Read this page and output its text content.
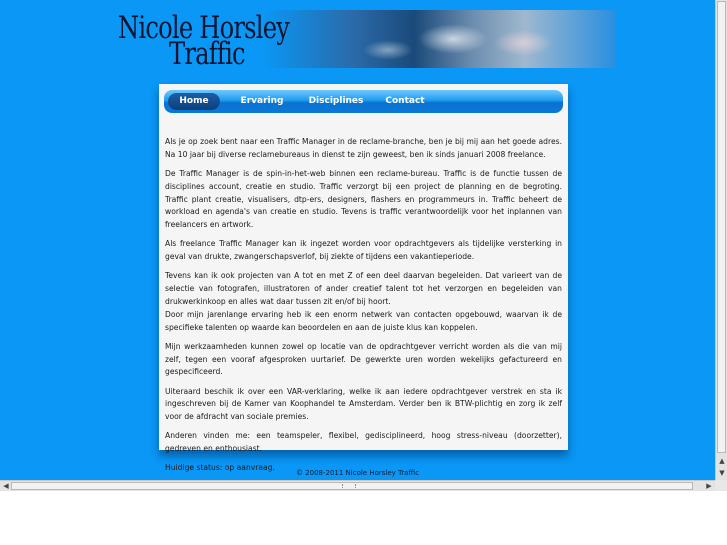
Nicole Horsley
Traffic
Home	Ervaring	Disciplines	Contact

Als je op zoek bent naar een Traffic Manager in de reclame-branche, ben je bij mij aan het goede adres. Na 10 jaar bij diverse reclamebureaus in dienst te zijn geweest, ben ik sinds januari 2008 freelance.

De Traffic Manager is de spin-in-het-web binnen een reclame-bureau. Traffic is de functie tussen de disciplines account, creatie en studio. Traffic verzorgt bij een project de planning en de begroting. Traffic plant creatie, visualisers, dtp-ers, designers, flashers en programmeurs in. Traffic beheert de workload en agenda's van creatie en studio. Tevens is traffic verantwoordelijk voor het inplannen van freelancers en artwork.

Als freelance Traffic Manager kan ik ingezet worden voor opdrachtgevers als tijdelijke versterking in geval van drukte, zwangerschapsverlof, bij ziekte of tijdens een vakantieperiode.

Tevens kan ik ook projecten van A tot en met Z of een deel daarvan begeleiden. Dat varieert van de selectie van fotografen, illustratoren of ander creatief talent tot het verzorgen en begeleiden van drukwerkinkoop en alles wat daar tussen zit en/of bij hoort.

Door mijn jarenlange ervaring heb ik een enorm netwerk van contacten opgebouwd, waarvan ik de specifieke talenten op waarde kan beoordelen en aan de juiste klus kan koppelen.

Mijn werkzaamheden kunnen zowel op locatie van de opdrachtgever verricht worden als die van mij zelf, tegen een vooraf afgesproken uurtarief. De gewerkte uren worden wekelijks gefactureerd en gespecificeerd.

Uiteraard beschik ik over een VAR-verklaring, welke ik aan iedere opdrachtgever verstrek en sta ik ingeschreven bij de Kamer van Koophandel te Amsterdam. Verder ben ik BTW-plichtig en zorg ik zelf voor de afdracht van sociale premies.

Anderen vinden me: een teamspeler, flexibel, gedisciplineerd, hoog stress-niveau (doorzetter), gedreven en enthousiast.

Huidige status: op aanvraag.

© 2008-2011 Nicole Horsley Traffic
▲
▼
◀	▶
